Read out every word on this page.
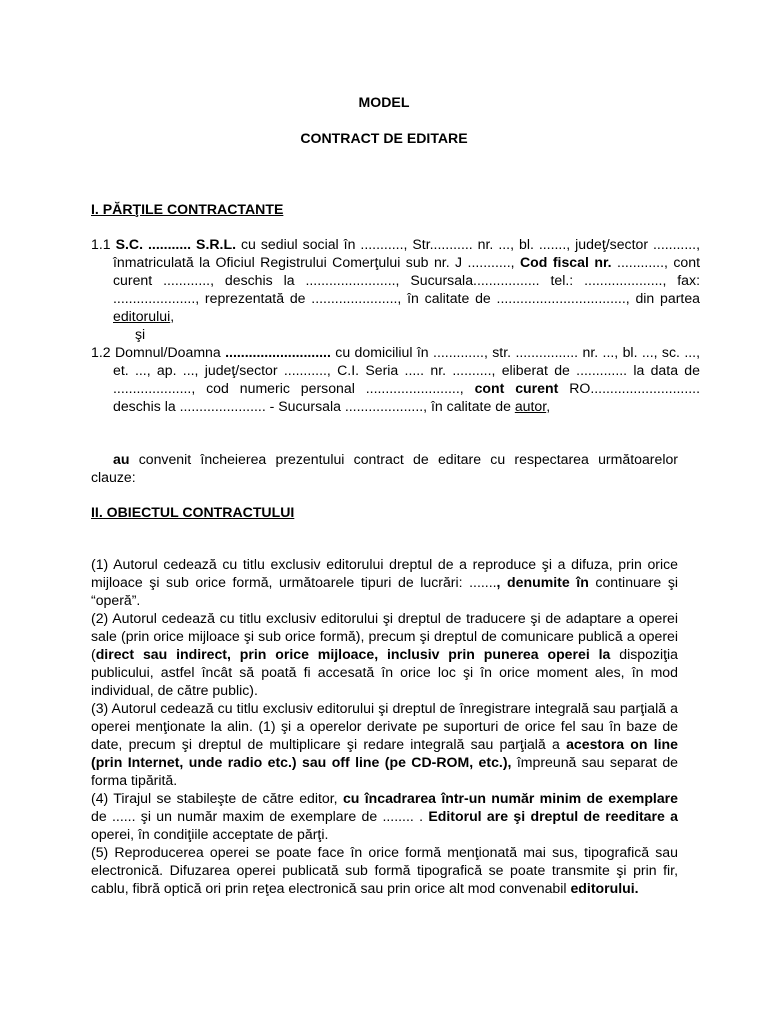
MODEL
CONTRACT DE EDITARE
I. PĂRŢILE CONTRACTANTE
1.1 S.C. ........... S.R.L. cu sediul social în ..........., Str........... nr. ..., bl. ......., judeţ/sector ..........., înmatriculată la Oficiul Registrului Comerţului sub nr. J ..........., Cod fiscal nr. ............, cont curent ............, deschis la ......................., Sucursala................. tel.: ...................., fax: ....................., reprezentată de ......................, în calitate de ................................., din partea editorului,
şi
1.2 Domnul/Doamna ........................... cu domiciliul în ............., str. ................ nr. ..., bl. ..., sc. ..., et. ..., ap. ..., judeţ/sector ..........., C.I. Seria ..... nr. .........., eliberat de ............. la data de ...................., cod numeric personal ........................, cont curent RO............................ deschis la ...................... - Sucursala ...................., în calitate de autor,
au convenit încheierea prezentului contract de editare cu respectarea următoarelor clauze:
II. OBIECTUL CONTRACTULUI

(1) Autorul cedează cu titlu exclusiv editorului dreptul de a reproduce şi a difuza, prin orice mijloace şi sub orice formă, următoarele tipuri de lucrări: ......., denumite în continuare şi “operă”.

(2) Autorul cedează cu titlu exclusiv editorului şi dreptul de traducere şi de adaptare a operei sale (prin orice mijloace şi sub orice formă), precum şi dreptul de comunicare publică a operei (direct sau indirect, prin orice mijloace, inclusiv prin punerea operei la dispoziţia publicului, astfel încât să poată fi accesată în orice loc şi în orice moment ales, în mod individual, de către public).

(3) Autorul cedează cu titlu exclusiv editorului şi dreptul de înregistrare integrală sau parţială a operei menţionate la alin. (1) şi a operelor derivate pe suporturi de orice fel sau în baze de date, precum şi dreptul de multiplicare şi redare integrală sau parţială a acestora on line (prin Internet, unde radio etc.) sau off line (pe CD-ROM, etc.), împreună sau separat de forma tipărită.

(4) Tirajul se stabileşte de către editor, cu încadrarea într-un număr minim de exemplare de ...... şi un număr maxim de exemplare de ........ . Editorul are şi dreptul de reeditare a operei, în condiţiile acceptate de părţi.

(5) Reproducerea operei se poate face în orice formă menţionată mai sus, tipografică sau electronică. Difuzarea operei publicată sub formă tipografică se poate transmite şi prin fir, cablu, fibră optică ori prin reţea electronică sau prin orice alt mod convenabil editorului.
